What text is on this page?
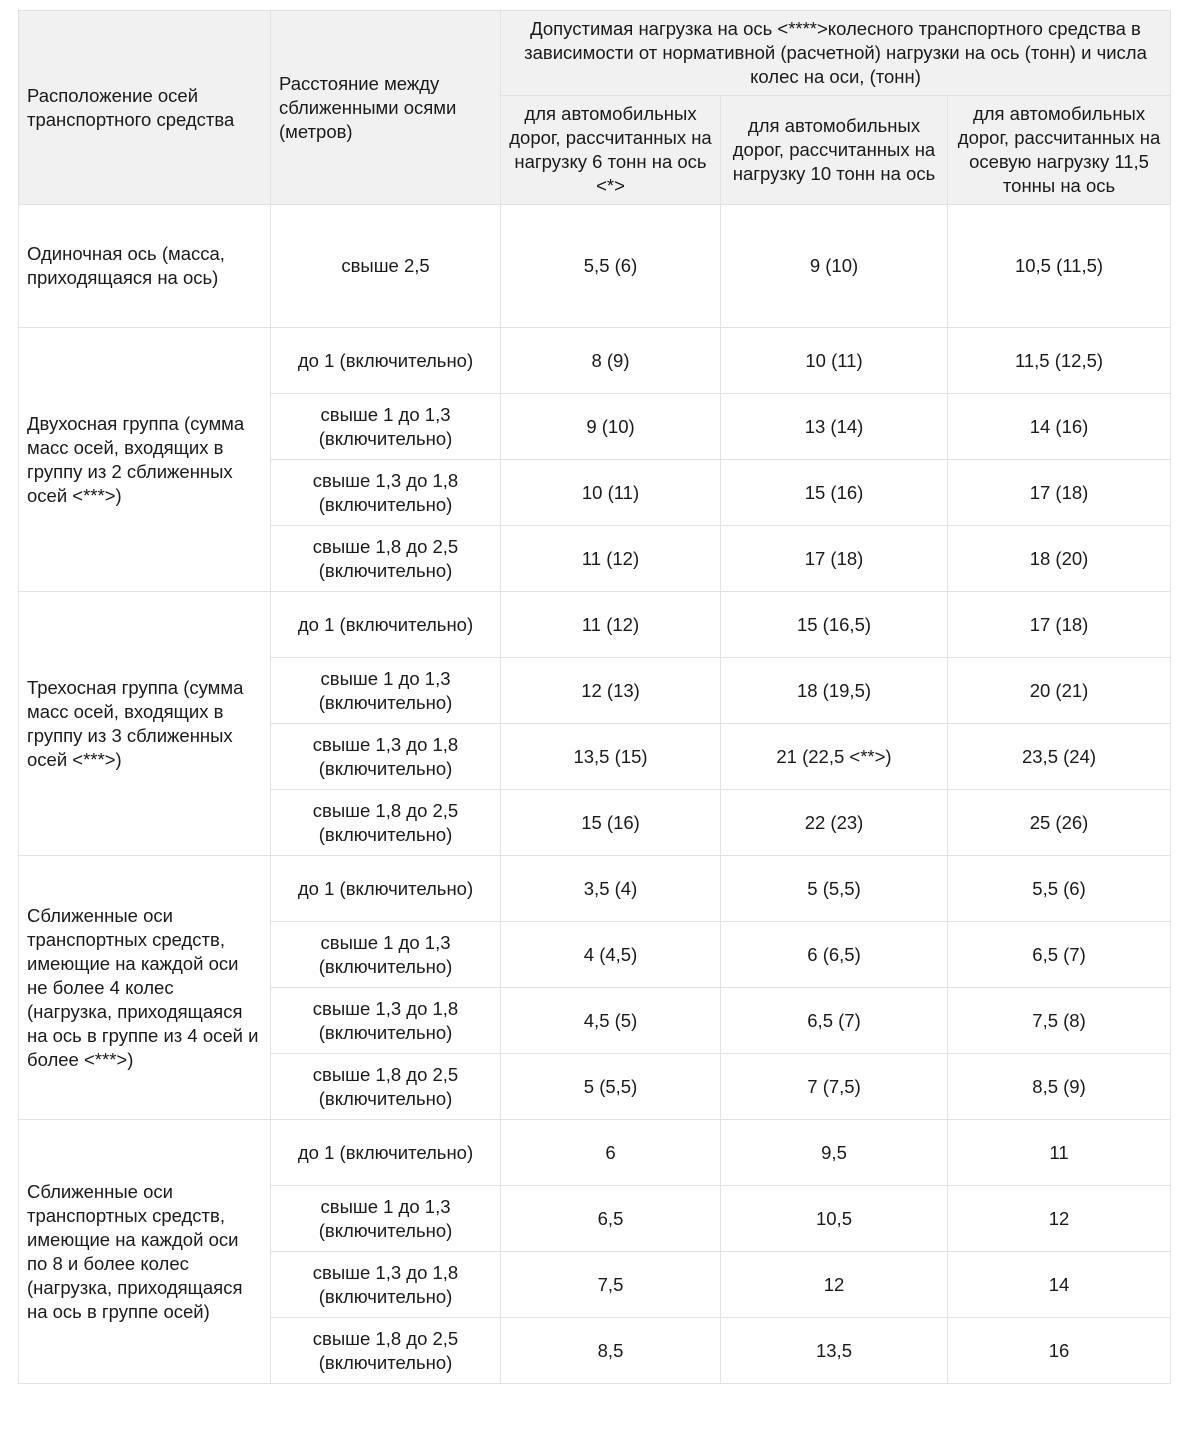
Расположение осей транспортного средства	Расстояние между сближенными осями (метров)	Допустимая нагрузка на ось <****>колесного транспортного средства в зависимости от нормативной (расчетной) нагрузки на ось (тонн) и числа колес на оси, (тонн)		
		для автомобильных дорог, рассчитанных на нагрузку 6 тонн на ось <*>	для автомобильных дорог, рассчитанных на нагрузку 10 тонн на ось	для автомобильных дорог, рассчитанных на осевую нагрузку 11,5 тонны на ось
Одиночная ось (масса, приходящаяся на ось)	свыше 2,5	5,5 (6)	9 (10)	10,5 (11,5)
Двухосная группа (сумма масс осей, входящих в группу из 2 сближенных осей <***>)	до 1 (включительно)	8 (9)	10 (11)	11,5 (12,5)
	свыше 1 до 1,3 (включительно)	9 (10)	13 (14)	14 (16)
	свыше 1,3 до 1,8 (включительно)	10 (11)	15 (16)	17 (18)
	свыше 1,8 до 2,5 (включительно)	11 (12)	17 (18)	18 (20)
Трехосная группа (сумма масс осей, входящих в группу из 3 сближенных осей <***>)	до 1 (включительно)	11 (12)	15 (16,5)	17 (18)
	свыше 1 до 1,3 (включительно)	12 (13)	18 (19,5)	20 (21)
	свыше 1,3 до 1,8 (включительно)	13,5 (15)	21 (22,5 <**>)	23,5 (24)
	свыше 1,8 до 2,5 (включительно)	15 (16)	22 (23)	25 (26)
Сближенные оси транспортных средств, имеющие на каждой оси не более 4 колес (нагрузка, приходящаяся на ось в группе из 4 осей и более <***>)	до 1 (включительно)	3,5 (4)	5 (5,5)	5,5 (6)
	свыше 1 до 1,3 (включительно)	4 (4,5)	6 (6,5)	6,5 (7)
	свыше 1,3 до 1,8 (включительно)	4,5 (5)	6,5 (7)	7,5 (8)
	свыше 1,8 до 2,5 (включительно)	5 (5,5)	7 (7,5)	8,5 (9)
Сближенные оси транспортных средств, имеющие на каждой оси по 8 и более колес (нагрузка, приходящаяся на ось в группе осей)	до 1 (включительно)	6	9,5	11
	свыше 1 до 1,3 (включительно)	6,5	10,5	12
	свыше 1,3 до 1,8 (включительно)	7,5	12	14
	свыше 1,8 до 2,5 (включительно)	8,5	13,5	16
